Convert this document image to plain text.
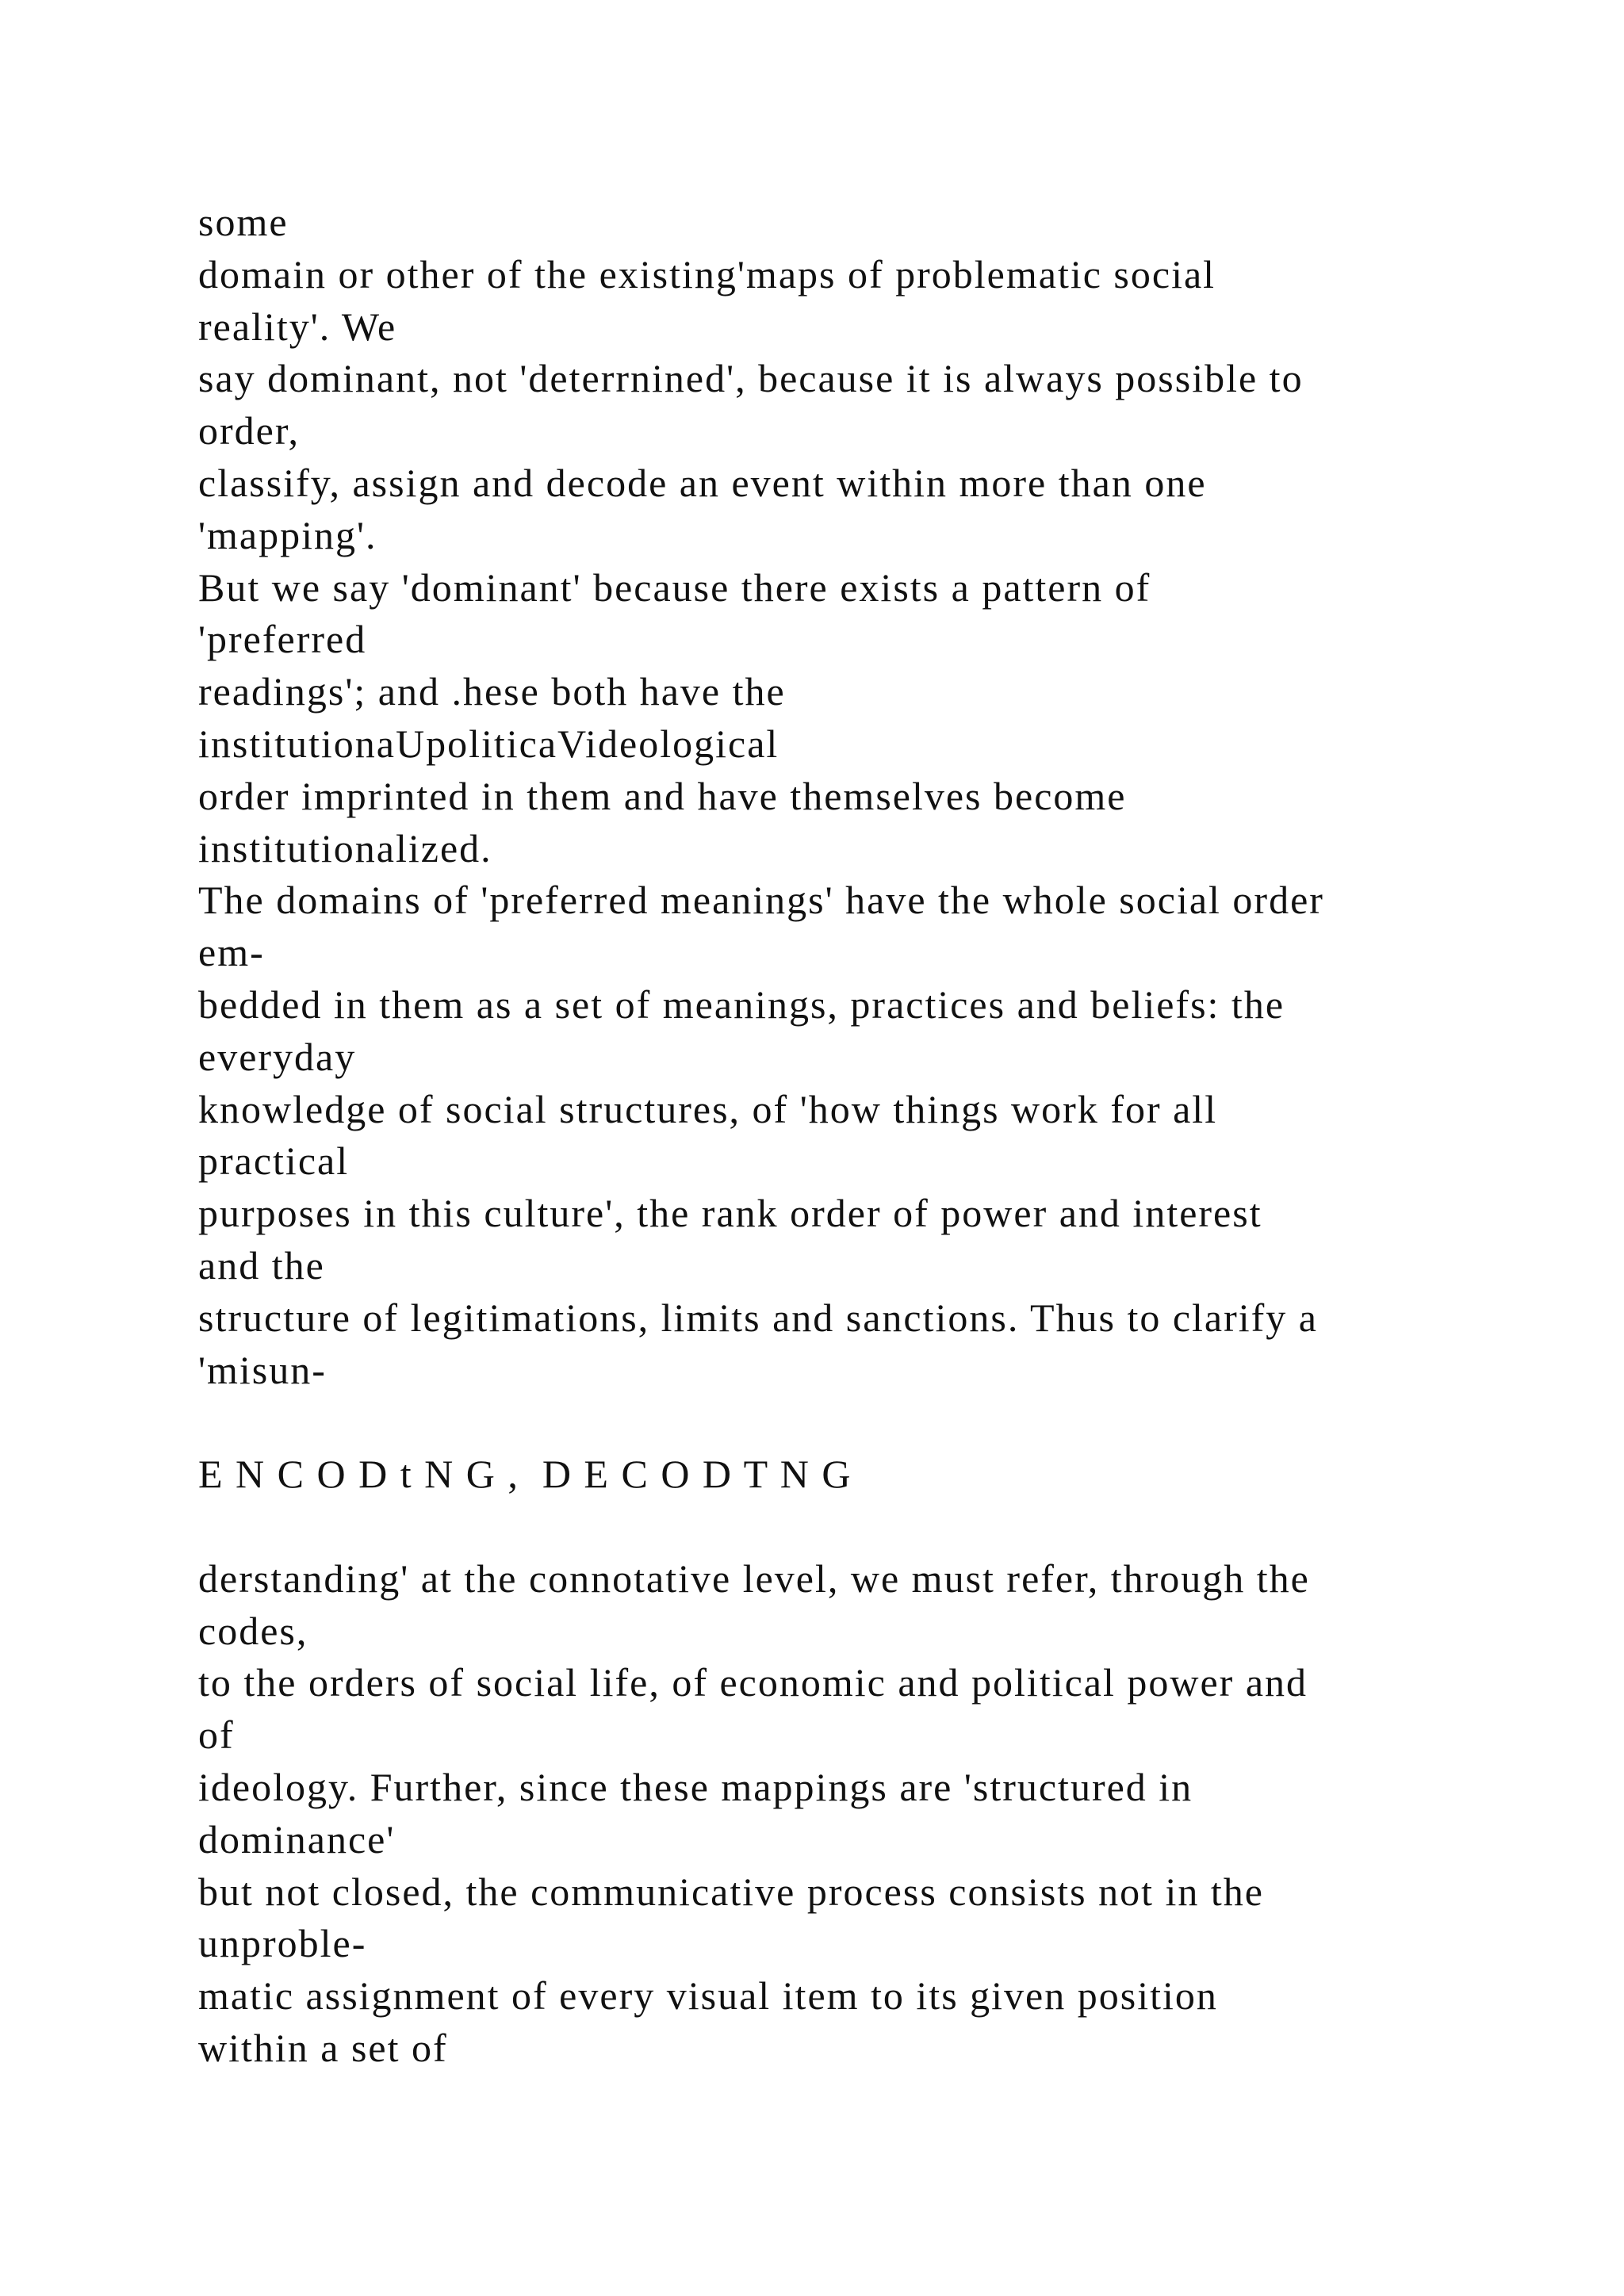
some
domain or other of the existing'maps of problematic social
reality'. We
say dominant, not 'deterrnined', because it is always possible to
order,
classify, assign and decode an event within more than one
'mapping'.
But we say 'dominant' because there exists a pattern of
'preferred
readings'; and .hese both have the
institutionaUpoliticaVideological
order imprinted in them and have themselves become
institutionalized.
The domains of 'preferred meanings' have the whole social order
em-
bedded in them as a set of meanings, practices and beliefs: the
everyday
knowledge of social structures, of 'how things work for all
practical
purposes in this culture', the rank order of power and interest
and the
structure of legitimations, limits and sanctions. Thus to clarify a
'misun-
E N C O D t N G ,  D E C O D T N G
derstanding' at the connotative level, we must refer, through the
codes,
to the orders of social life, of economic and political power and
of
ideology. Further, since these mappings are 'structured in
dominance'
but not closed, the communicative process consists not in the
unproble-
matic assignment of every visual item to its given position
within a set of
